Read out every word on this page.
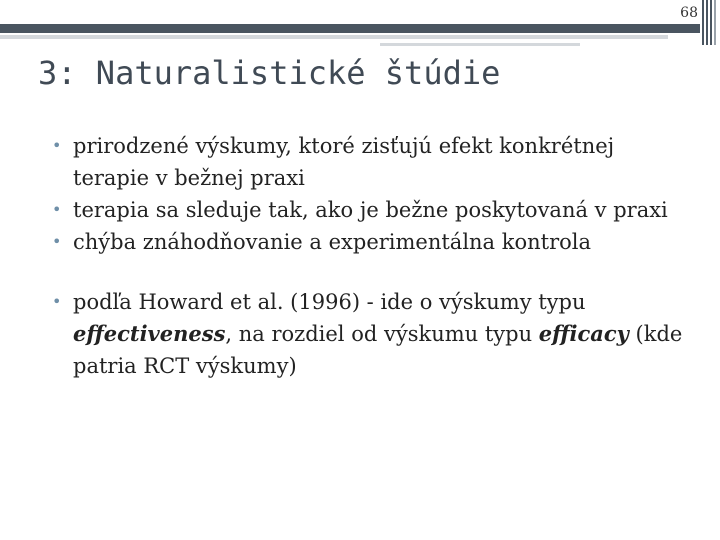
68
3: Naturalistické štúdie
• prirodzené výskumy, ktoré zisťujú efekt konkrétnej terapie v bežnej praxi
• terapia sa sleduje tak, ako je bežne poskytovaná v praxi
• chýba znáhodňovanie a experimentálna kontrola
• podľa Howard et al. (1996) - ide o výskumy typu effectiveness, na rozdiel od výskumu typu efficacy (kde patria RCT výskumy)
